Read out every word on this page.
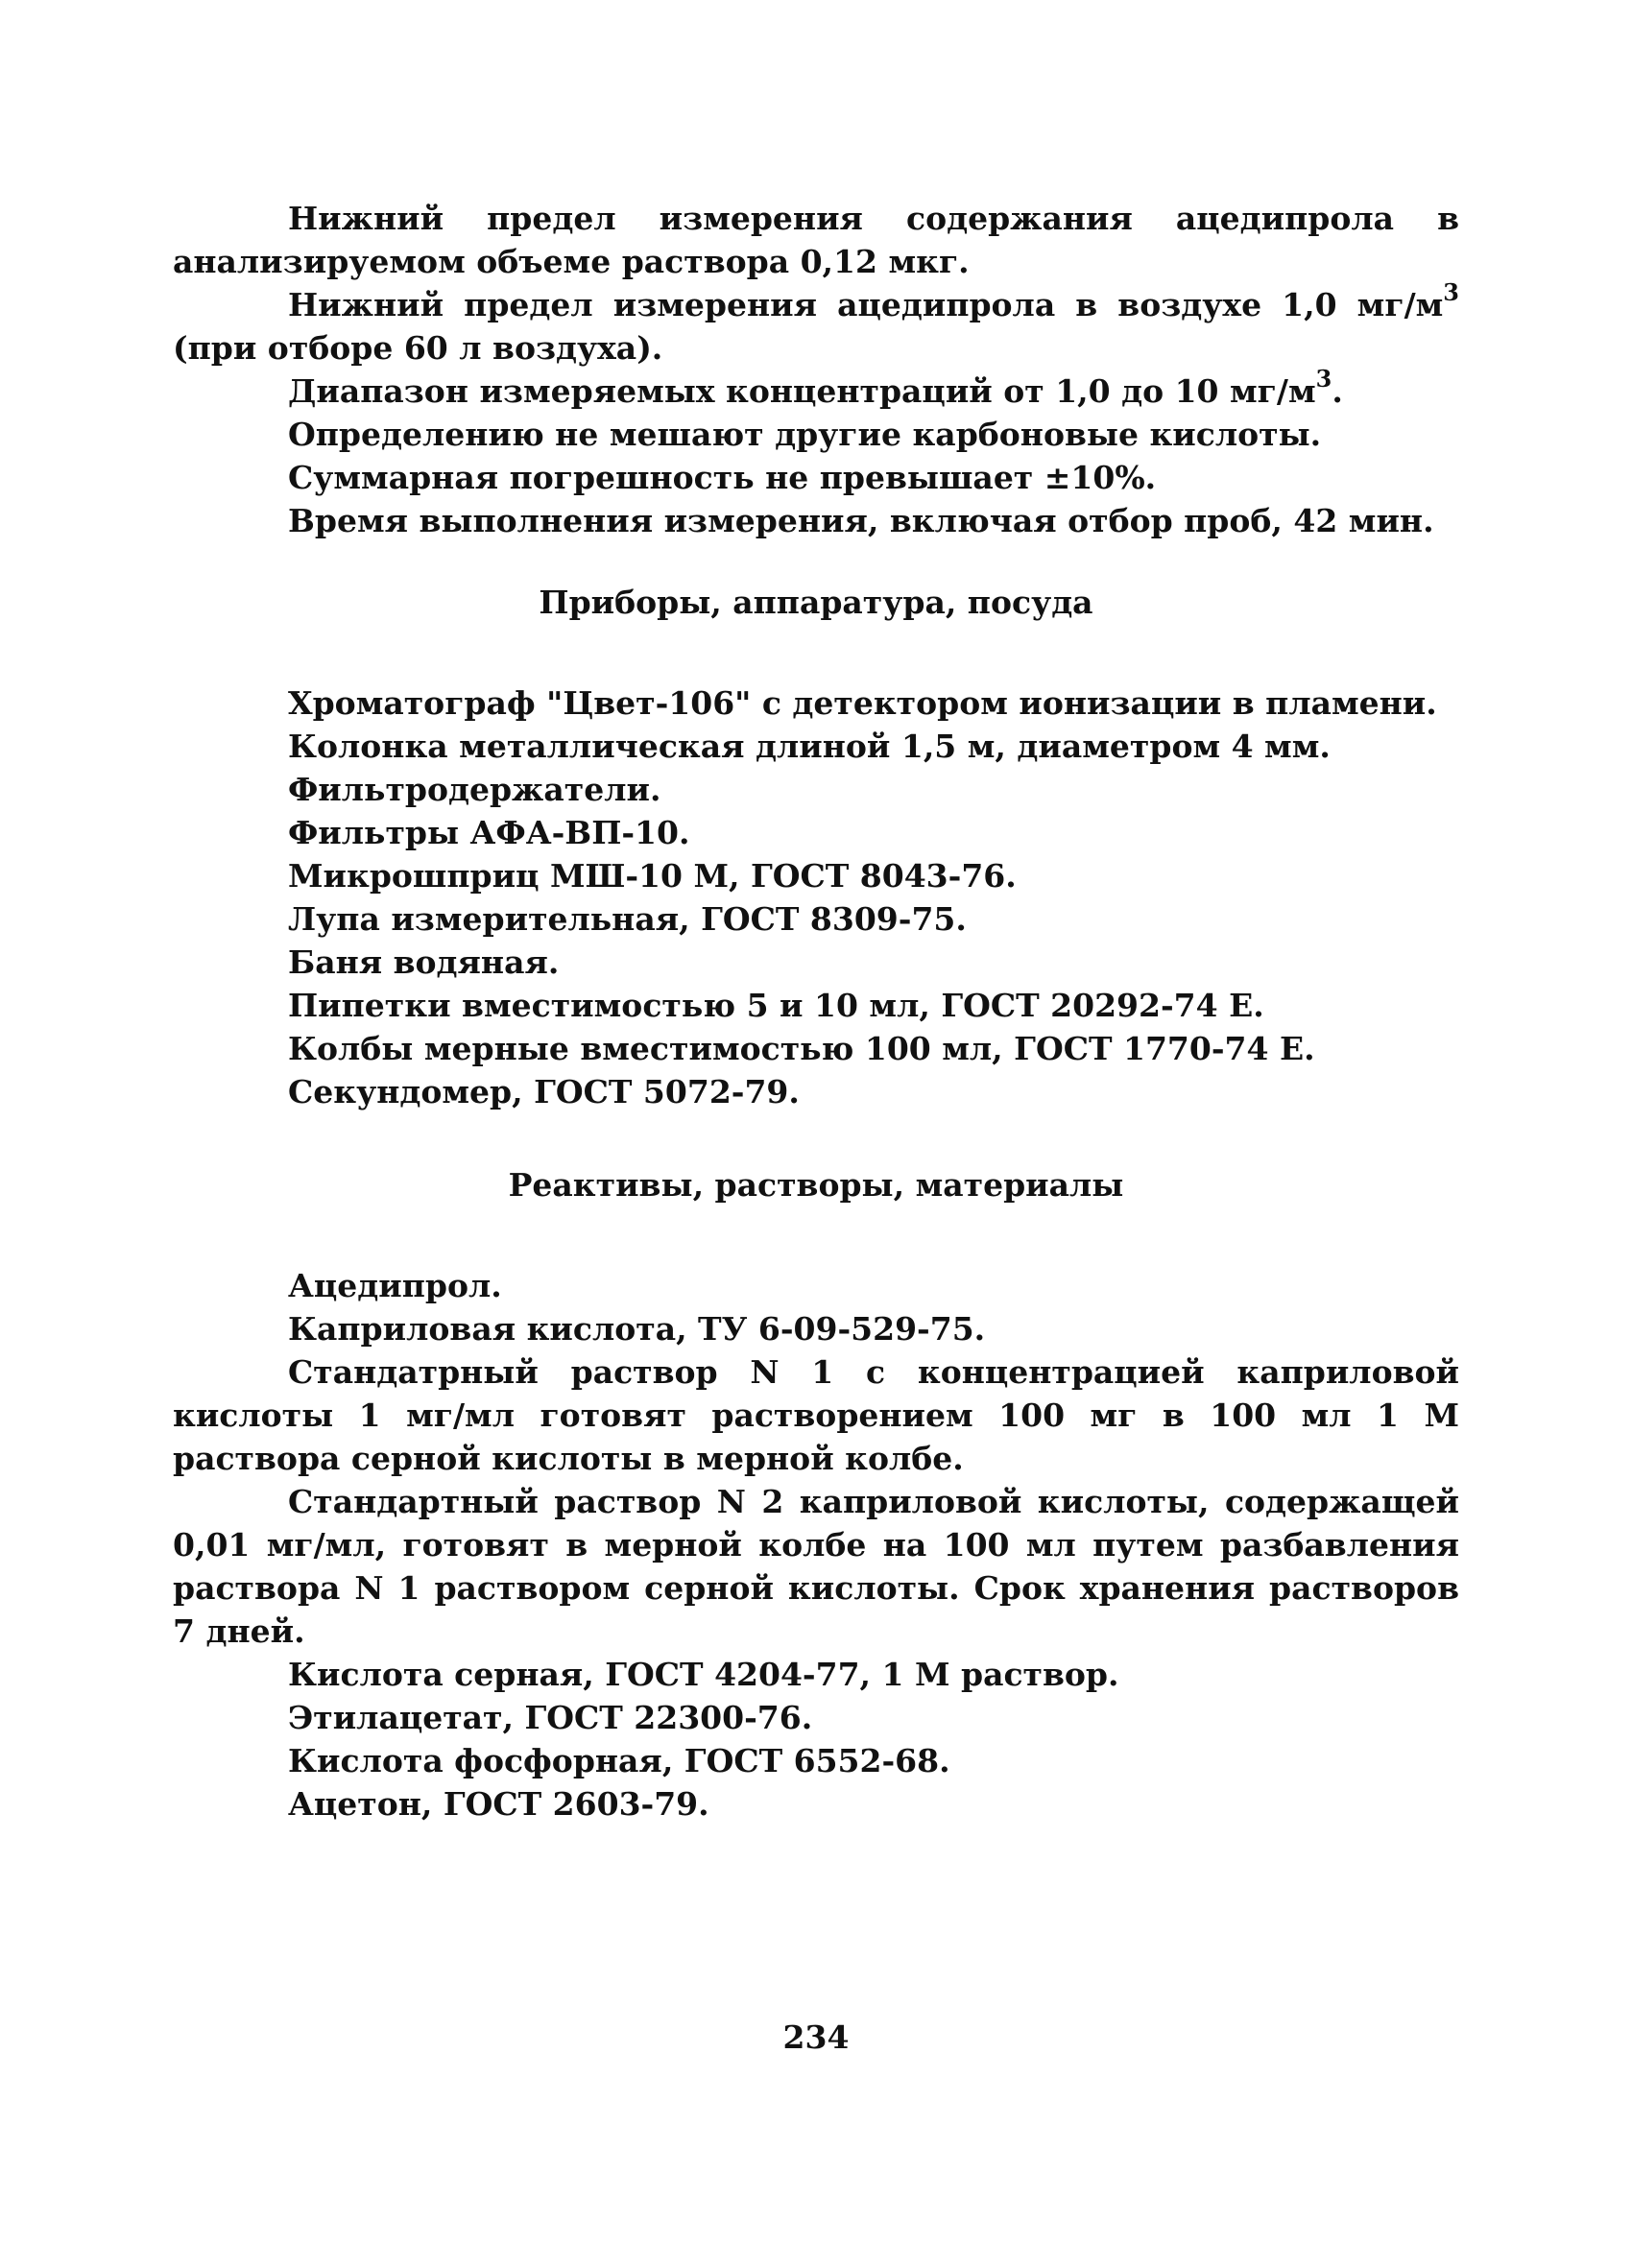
Нижний предел измерения содержания ацедипрола в анализируемом объеме раствора 0,12 мкг.

Нижний предел измерения ацедипрола в воздухе 1,0 $мг/м^3$ (при отборе 60 л воздуха).

Диапазон измеряемых концентраций от 1,0 до 10 $мг/м^3$.

Определению не мешают другие карбоновые кислоты.

Суммарная погрешность не превышает ±10%.

Время выполнения измерения, включая отбор проб, 42 мин.

Приборы, аппаратура, посуда

Хроматограф "Цвет-106" с детектором ионизации в пламени.

Колонка металлическая длиной 1,5 м, диаметром 4 мм.

Фильтродержатели.

Фильтры АФА-ВП-10.

Микрошприц МШ-10 М, ГОСТ 8043-76.

Лупа измерительная, ГОСТ 8309-75.

Баня водяная.

Пипетки вместимостью 5 и 10 мл, ГОСТ 20292-74 Е.

Колбы мерные вместимостью 100 мл, ГОСТ 1770-74 Е.

Секундомер, ГОСТ 5072-79.

Реактивы, растворы, материалы

Ацедипрол.

Каприловая кислота, ТУ 6-09-529-75.

Стандатрный раствор N 1 с концентрацией каприловой кислоты 1 мг/мл готовят растворением 100 мг в 100 мл 1 М раствора серной кислоты в мерной колбе.

Стандартный раствор N 2 каприловой кислоты, содержащей 0,01 мг/мл, готовят в мерной колбе на 100 мл путем разбавления раствора N 1 раствором серной кислоты. Срок хранения растворов 7 дней.

Кислота серная, ГОСТ 4204-77, 1 М раствор.

Этилацетат, ГОСТ 22300-76.

Кислота фосфорная, ГОСТ 6552-68.

Ацетон, ГОСТ 2603-79.

234
